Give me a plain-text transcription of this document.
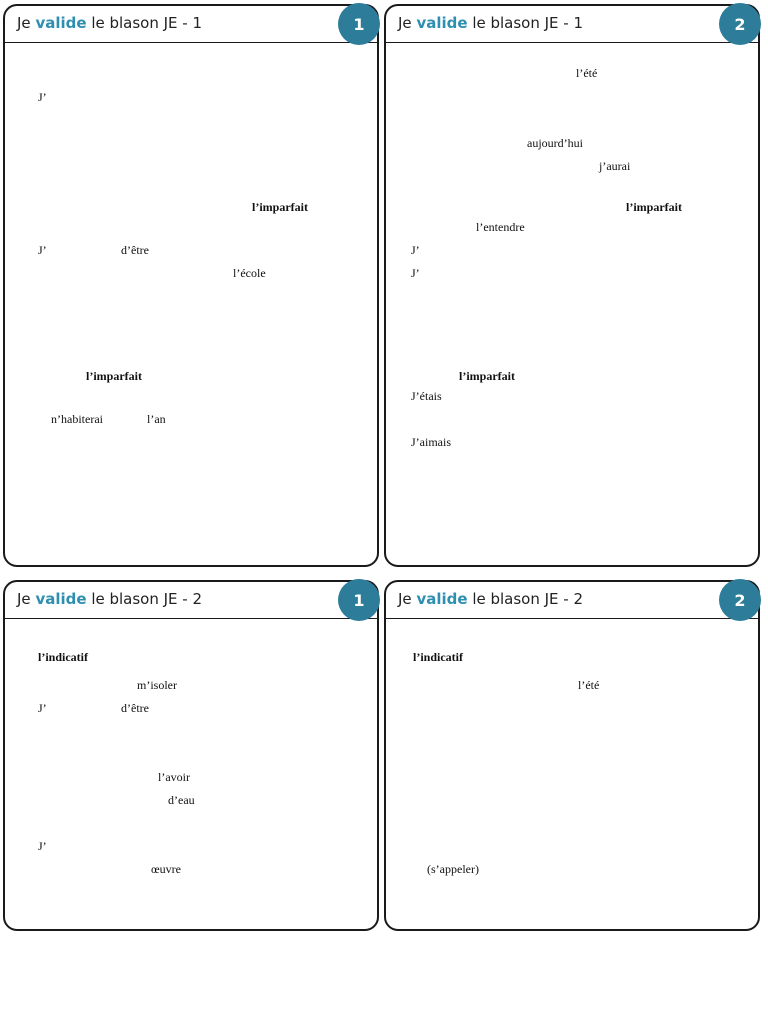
Je valide le blason JE - 1	1
J’
l’imparfait
J’	d’être
l’école
l’imparfait
n’habiterai	l’an
Je valide le blason JE - 1	2
l’été
aujourd’hui
j’aurai
l’imparfait
l’entendre
J’
J’
l’imparfait
J’étais
J’aimais
Je valide le blason JE - 2	1
l’indicatif
m’isoler
J’	d’être
l’avoir
d’eau
J’
œuvre
Je valide le blason JE - 2	2
l’indicatif
l’été
(s’appeler)
